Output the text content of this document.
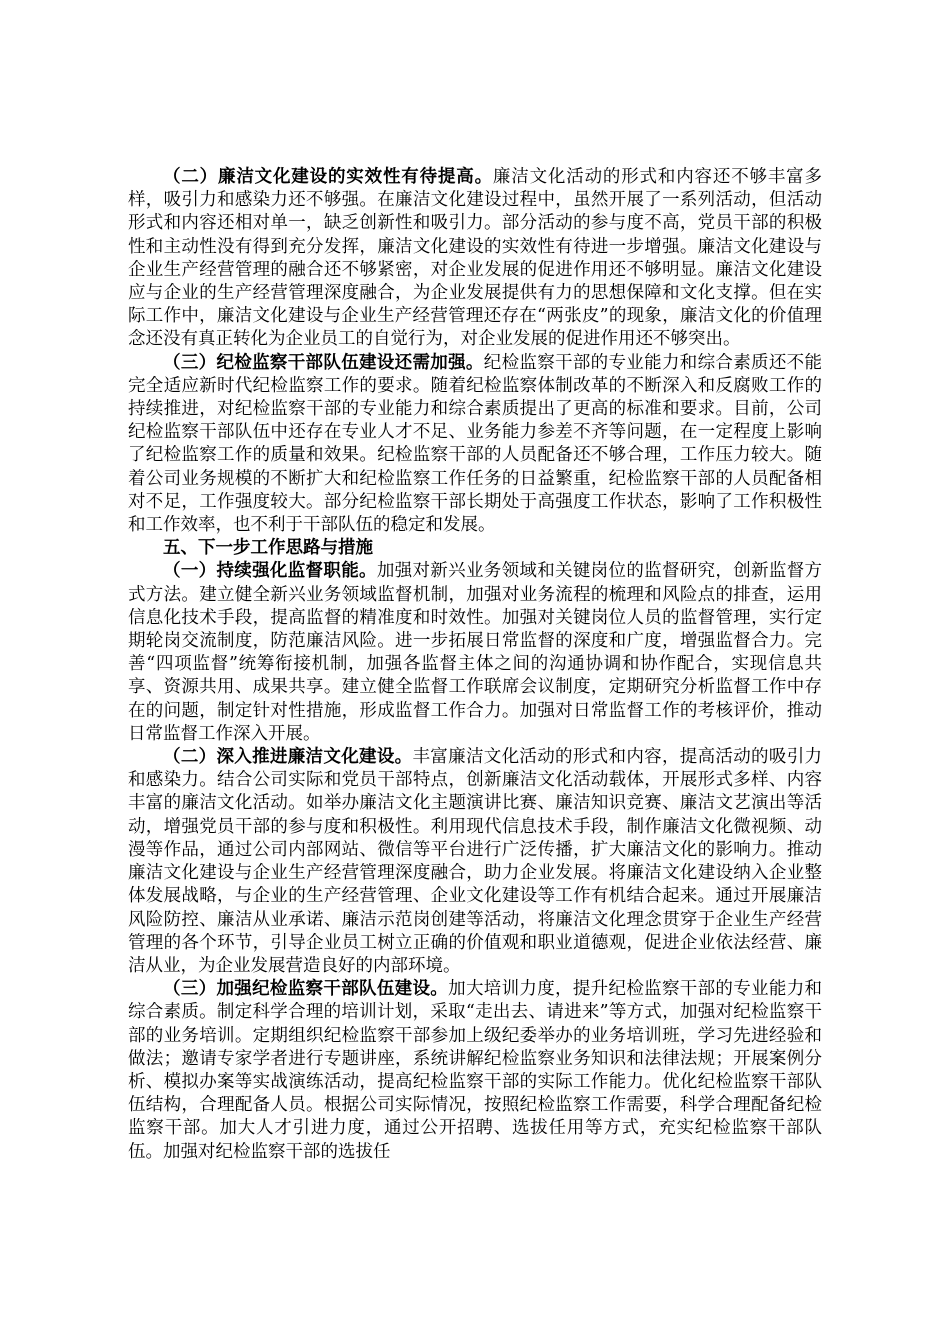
（二）廉洁文化建设的实效性有待提高。廉洁文化活动的形式和内容还不够丰富多样，吸引力和感染力还不够强。在廉洁文化建设过程中，虽然开展了一系列活动，但活动形式和内容还相对单一，缺乏创新性和吸引力。部分活动的参与度不高，党员干部的积极性和主动性没有得到充分发挥，廉洁文化建设的实效性有待进一步增强。廉洁文化建设与企业生产经营管理的融合还不够紧密，对企业发展的促进作用还不够明显。廉洁文化建设应与企业的生产经营管理深度融合，为企业发展提供有力的思想保障和文化支撑。但在实际工作中，廉洁文化建设与企业生产经营管理还存在“两张皮”的现象，廉洁文化的价值理念还没有真正转化为企业员工的自觉行为，对企业发展的促进作用还不够突出。

（三）纪检监察干部队伍建设还需加强。纪检监察干部的专业能力和综合素质还不能完全适应新时代纪检监察工作的要求。随着纪检监察体制改革的不断深入和反腐败工作的持续推进，对纪检监察干部的专业能力和综合素质提出了更高的标准和要求。目前，公司纪检监察干部队伍中还存在专业人才不足、业务能力参差不齐等问题，在一定程度上影响了纪检监察工作的质量和效果。纪检监察干部的人员配备还不够合理，工作压力较大。随着公司业务规模的不断扩大和纪检监察工作任务的日益繁重，纪检监察干部的人员配备相对不足，工作强度较大。部分纪检监察干部长期处于高强度工作状态，影响了工作积极性和工作效率，也不利于干部队伍的稳定和发展。

五、下一步工作思路与措施

（一）持续强化监督职能。加强对新兴业务领域和关键岗位的监督研究，创新监督方式方法。建立健全新兴业务领域监督机制，加强对业务流程的梳理和风险点的排查，运用信息化技术手段，提高监督的精准度和时效性。加强对关键岗位人员的监督管理，实行定期轮岗交流制度，防范廉洁风险。进一步拓展日常监督的深度和广度，增强监督合力。完善“四项监督”统筹衔接机制，加强各监督主体之间的沟通协调和协作配合，实现信息共享、资源共用、成果共享。建立健全监督工作联席会议制度，定期研究分析监督工作中存在的问题，制定针对性措施，形成监督工作合力。加强对日常监督工作的考核评价，推动日常监督工作深入开展。

（二）深入推进廉洁文化建设。丰富廉洁文化活动的形式和内容，提高活动的吸引力和感染力。结合公司实际和党员干部特点，创新廉洁文化活动载体，开展形式多样、内容丰富的廉洁文化活动。如举办廉洁文化主题演讲比赛、廉洁知识竞赛、廉洁文艺演出等活动，增强党员干部的参与度和积极性。利用现代信息技术手段，制作廉洁文化微视频、动漫等作品，通过公司内部网站、微信等平台进行广泛传播，扩大廉洁文化的影响力。推动廉洁文化建设与企业生产经营管理深度融合，助力企业发展。将廉洁文化建设纳入企业整体发展战略，与企业的生产经营管理、企业文化建设等工作有机结合起来。通过开展廉洁风险防控、廉洁从业承诺、廉洁示范岗创建等活动，将廉洁文化理念贯穿于企业生产经营管理的各个环节，引导企业员工树立正确的价值观和职业道德观，促进企业依法经营、廉洁从业，为企业发展营造良好的内部环境。

（三）加强纪检监察干部队伍建设。加大培训力度，提升纪检监察干部的专业能力和综合素质。制定科学合理的培训计划，采取“走出去、请进来”等方式，加强对纪检监察干部的业务培训。定期组织纪检监察干部参加上级纪委举办的业务培训班，学习先进经验和做法；邀请专家学者进行专题讲座，系统讲解纪检监察业务知识和法律法规；开展案例分析、模拟办案等实战演练活动，提高纪检监察干部的实际工作能力。优化纪检监察干部队伍结构，合理配备人员。根据公司实际情况，按照纪检监察工作需要，科学合理配备纪检监察干部。加大人才引进力度，通过公开招聘、选拔任用等方式，充实纪检监察干部队伍。加强对纪检监察干部的选拔任
